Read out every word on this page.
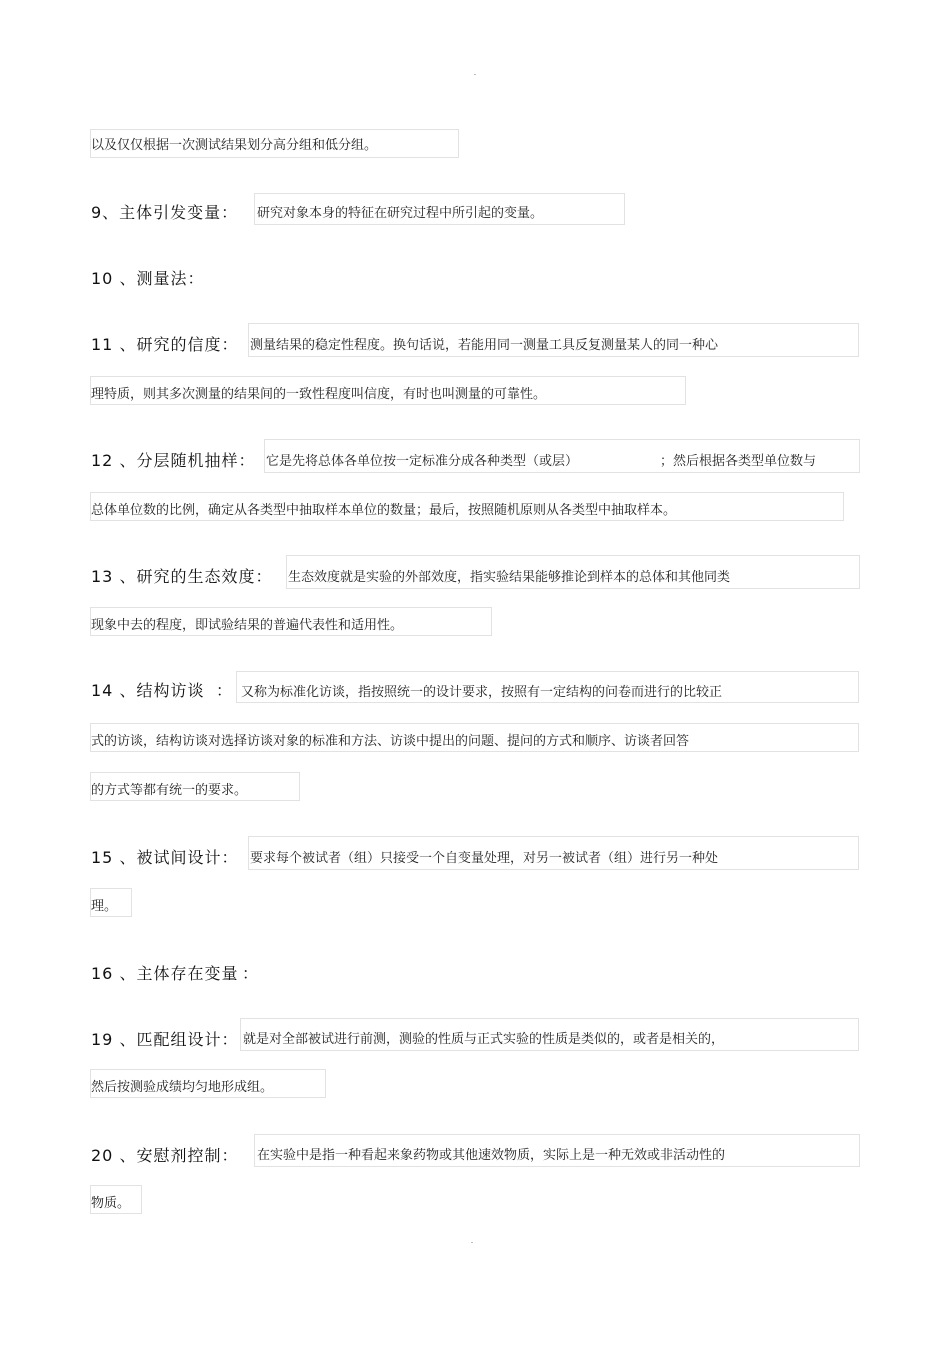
以及仅仅根据一次测试结果划分高分组和低分组。
9、主体引发变量： 研究对象本身的特征在研究过程中所引起的变量。
10 、测量法：
11 、研究的信度： 测量结果的稳定性程度。换句话说，若能用同一测量工具反复测量某人的同一种心
理特质，则其多次测量的结果间的一致性程度叫信度，有时也叫测量的可靠性。
12 、分层随机抽样： 它是先将总体各单位按一定标准分成各种类型（或层）	；然后根据各类型单位数与
总体单位数的比例，确定从各类型中抽取样本单位的数量；最后，按照随机原则从各类型中抽取样本。
13 、研究的生态效度： 生态效度就是实验的外部效度，指实验结果能够推论到样本的总体和其他同类
现象中去的程度，即试验结果的普遍代表性和适用性。
14 、结构访谈 ： 又称为标准化访谈，指按照统一的设计要求，按照有一定结构的问卷而进行的比较正
式的访谈，结构访谈对选择访谈对象的标准和方法、访谈中提出的问题、提问的方式和顺序、访谈者回答
的方式等都有统一的要求。
15 、被试间设计： 要求每个被试者（组）只接受一个自变量处理，对另一被试者（组）进行另一种处
理。
16 、主体存在变量 ：
19 、匹配组设计： 就是对全部被试进行前测，测验的性质与正式实验的性质是类似的，或者是相关的，
然后按测验成绩均匀地形成组。
20 、安慰剂控制： 在实验中是指一种看起来象药物或其他速效物质，实际上是一种无效或非活动性的
物质。
